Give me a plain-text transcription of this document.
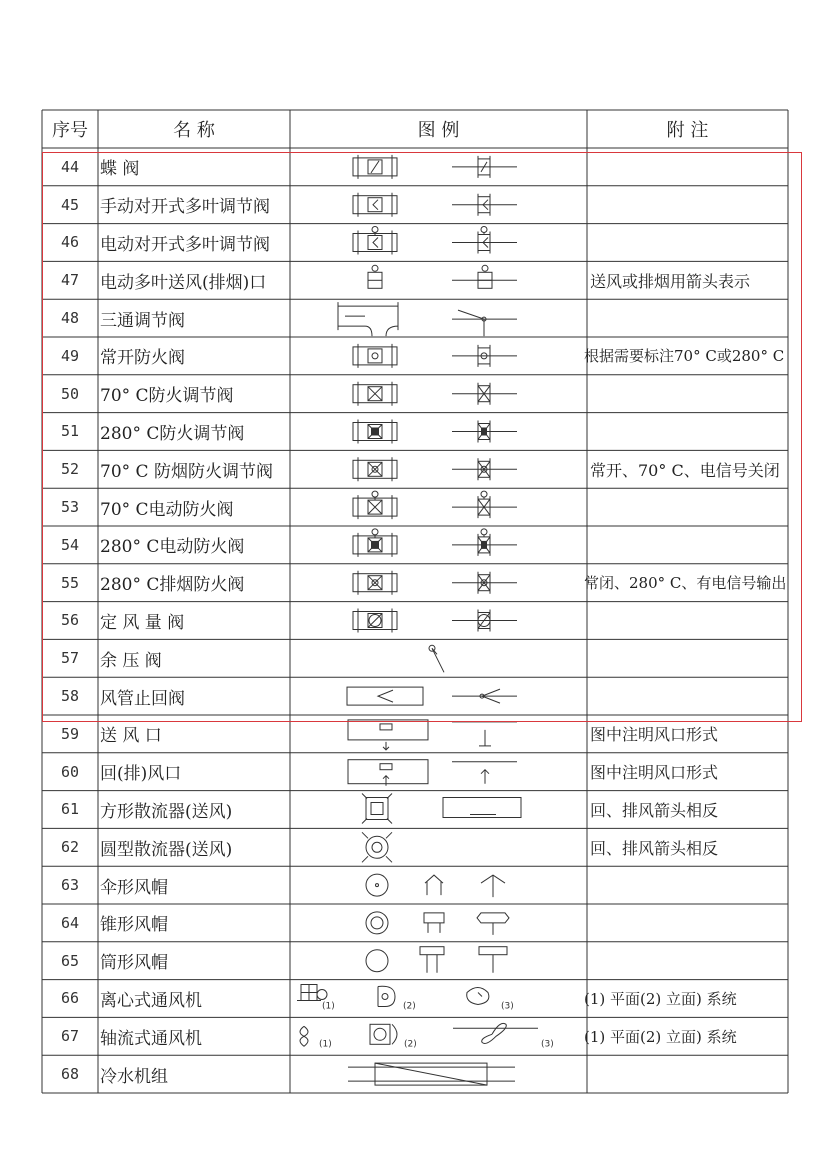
(1)	(2)	(3)
(1)	(2)	(3)
序号	名 称	图 例	附 注
44	蝶 阀
45	手动对开式多叶调节阀
46	电动对开式多叶调节阀
47	电动多叶送风(排烟)口	送风或排烟用箭头表示
48	三通调节阀
49	常开防火阀	根据需要标注70° C或280° C
50	70° C防火调节阀
51	280° C防火调节阀
52	70° C 防烟防火调节阀	常开、70° C、电信号关闭
53	70° C电动防火阀
54	280° C电动防火阀
55	280° C排烟防火阀	常闭、280° C、有电信号输出
56	定 风 量 阀
57	余 压 阀
58	风管止回阀
59	送 风 口	图中注明风口形式
60	回(排)风口	图中注明风口形式
61	方形散流器(送风)	回、排风箭头相反
62	圆型散流器(送风)	回、排风箭头相反
63	伞形风帽
64	锥形风帽
65	筒形风帽
66	离心式通风机	(1) 平面(2) 立面) 系统
67	轴流式通风机	(1) 平面(2) 立面) 系统
68	冷水机组
